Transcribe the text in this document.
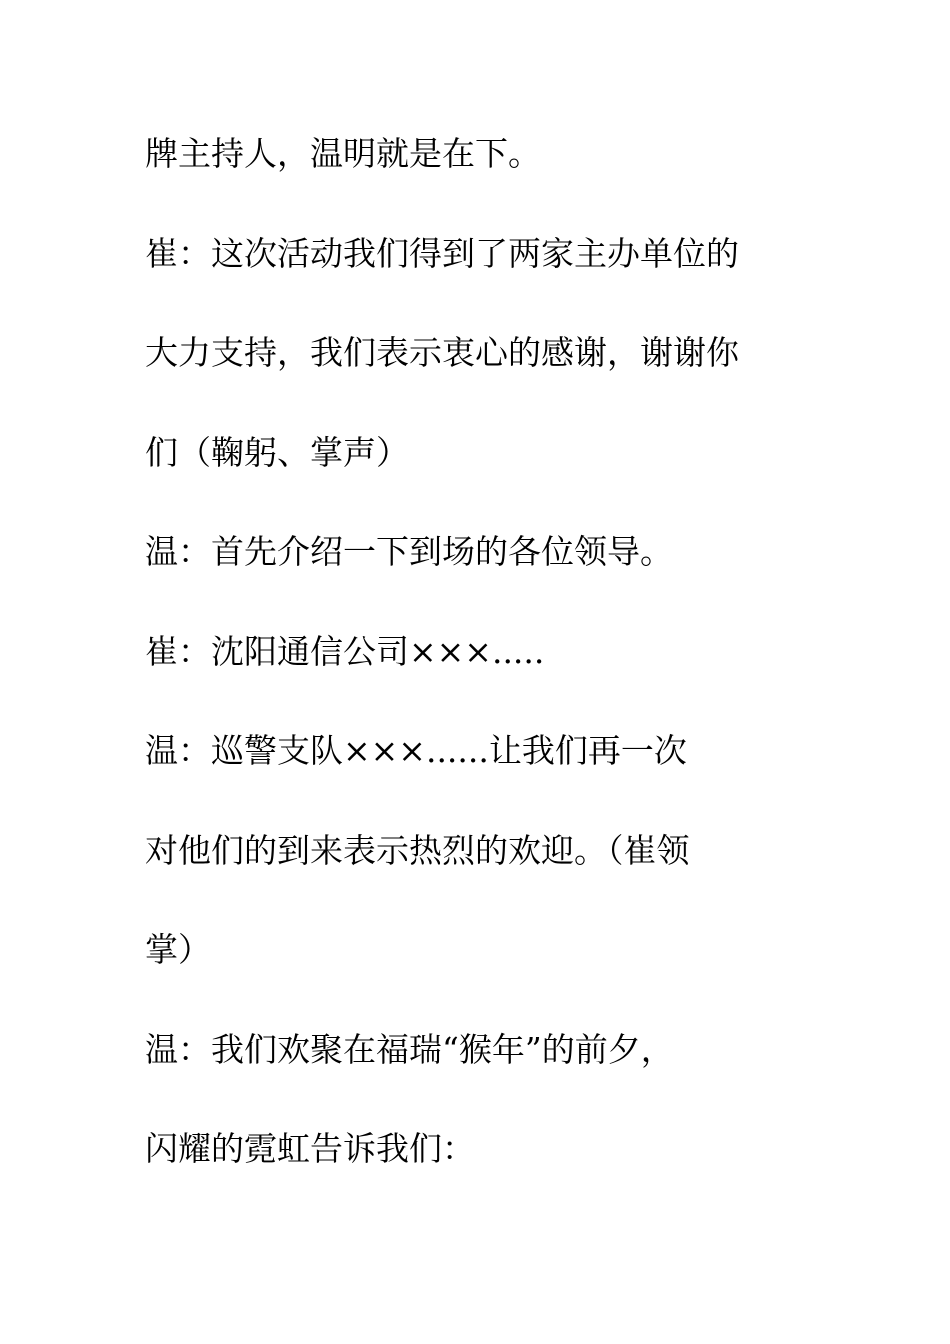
牌主持人，温明就是在下。
崔：这次活动我们得到了两家主办单位的
大力支持，我们表示衷心的感谢，谢谢你
们（鞠躬、掌声）
温：首先介绍一下到场的各位领导。
崔：沈阳通信公司×××.....
温：巡警支队×××......让我们再一次
对他们的到来表示热烈的欢迎。（崔领
掌）
温：我们欢聚在福瑞“猴年”的前夕，
闪耀的霓虹告诉我们：
